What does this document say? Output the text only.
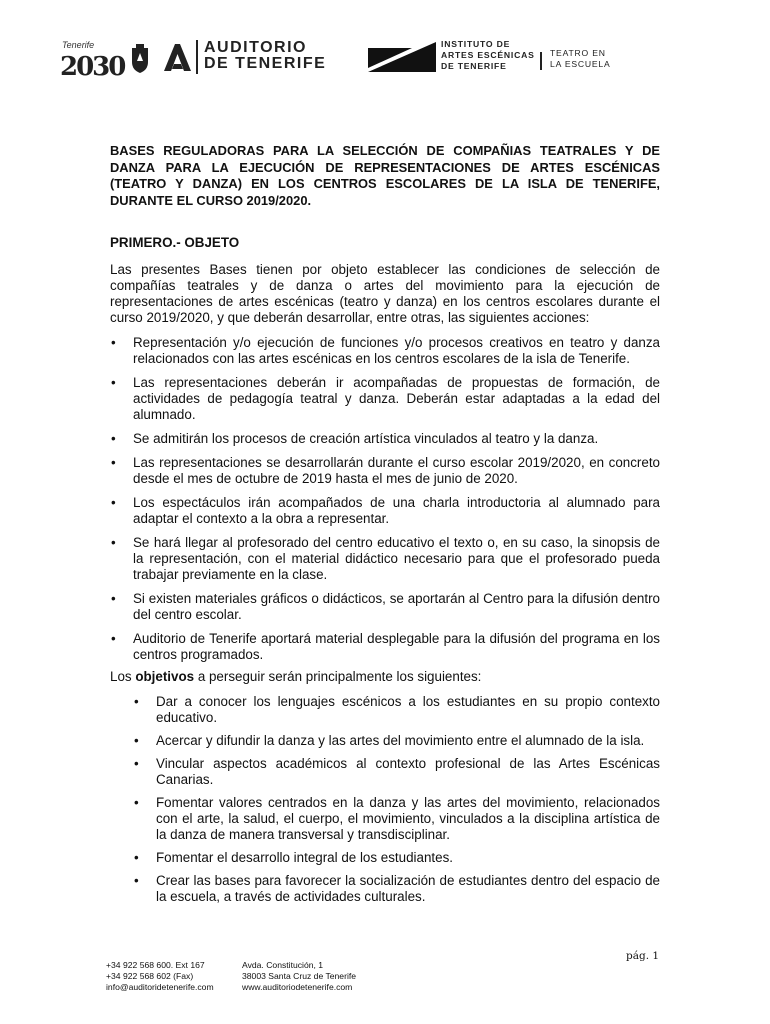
Tenerife
2030
AUDITORIO
DE TENERIFE
INSTITUTO DE
ARTES ESCÉNICAS
DE TENERIFE
TEATRO EN
LA ESCUELA
BASES REGULADORAS PARA LA SELECCIÓN DE COMPAÑIAS TEATRALES Y DE DANZA PARA LA EJECUCIÓN DE REPRESENTACIONES DE ARTES ESCÉNICAS (TEATRO Y DANZA) EN LOS CENTROS ESCOLARES DE LA ISLA DE TENERIFE, DURANTE EL CURSO 2019/2020.
PRIMERO.- OBJETO
Las presentes Bases tienen por objeto establecer las condiciones de selección de compañías teatrales y de danza o artes del movimiento para la ejecución de representaciones de artes escénicas (teatro y danza) en los centros escolares durante el curso 2019/2020, y que deberán desarrollar, entre otras, las siguientes acciones:
• Representación y/o ejecución de funciones y/o procesos creativos en teatro y danza relacionados con las artes escénicas en los centros escolares de la isla de Tenerife.
• Las representaciones deberán ir acompañadas de propuestas de formación, de actividades de pedagogía teatral y danza. Deberán estar adaptadas a la edad del alumnado.
• Se admitirán los procesos de creación artística vinculados al teatro y la danza.
• Las representaciones se desarrollarán durante el curso escolar 2019/2020, en concreto desde el mes de octubre de 2019 hasta el mes de junio de 2020.
• Los espectáculos irán acompañados de una charla introductoria al alumnado para adaptar el contexto a la obra a representar.
• Se hará llegar al profesorado del centro educativo el texto o, en su caso, la sinopsis de la representación, con el material didáctico necesario para que el profesorado pueda trabajar previamente en la clase.
• Si existen materiales gráficos o didácticos, se aportarán al Centro para la difusión dentro del centro escolar.
• Auditorio de Tenerife aportará material desplegable para la difusión del programa en los centros programados.
Los objetivos a perseguir serán principalmente los siguientes:
• Dar a conocer los lenguajes escénicos a los estudiantes en su propio contexto educativo.
• Acercar y difundir la danza y las artes del movimiento entre el alumnado de la isla.
• Vincular aspectos académicos al contexto profesional de las Artes Escénicas Canarias.
• Fomentar valores centrados en la danza y las artes del movimiento, relacionados con el arte, la salud, el cuerpo, el movimiento, vinculados a la disciplina artística de la danza de manera transversal y transdisciplinar.
• Fomentar el desarrollo integral de los estudiantes.
• Crear las bases para favorecer la socialización de estudiantes dentro del espacio de la escuela, a través de actividades culturales.
+34 922 568 600. Ext 167
+34 922 568 602 (Fax)
info@auditoridetenerife.com
Avda. Constitución, 1
38003 Santa Cruz de Tenerife
www.auditoriodetenerife.com
pág. 1
